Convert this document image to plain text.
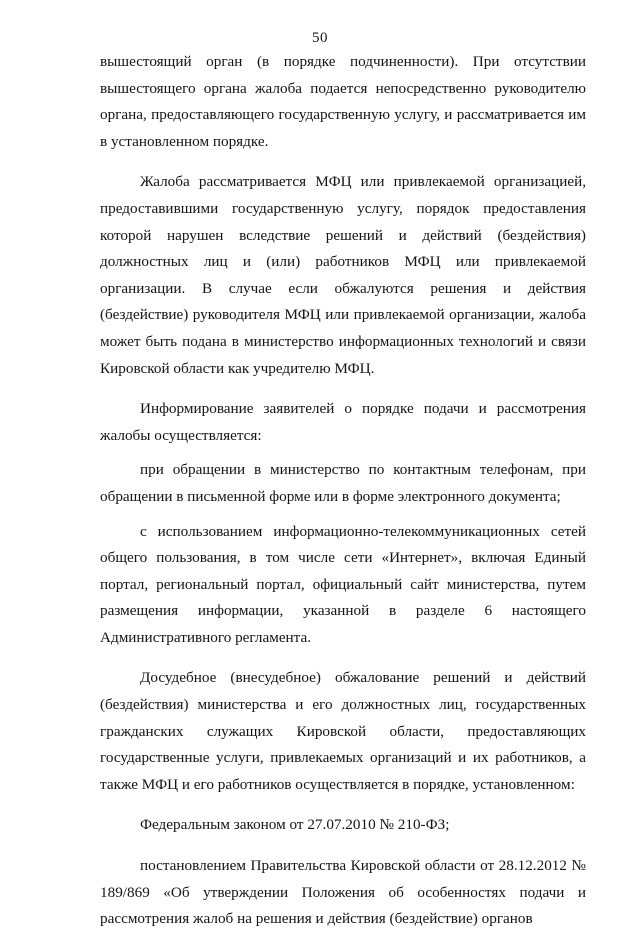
50

вышестоящий орган (в порядке подчиненности). При отсутствии вышестоящего органа жалоба подается непосредственно руководителю органа, предоставляющего государственную услугу, и рассматривается им в установленном порядке.

Жалоба рассматривается МФЦ или привлекаемой организацией, предоставившими государственную услугу, порядок предоставления которой нарушен вследствие решений и действий (бездействия) должностных лиц и (или) работников МФЦ или привлекаемой организации. В случае если обжалуются решения и действия (бездействие) руководителя МФЦ или привлекаемой организации, жалоба может быть подана в министерство информационных технологий и связи Кировской области как учредителю МФЦ.

Информирование заявителей о порядке подачи и рассмотрения жалобы осуществляется:

при обращении в министерство по контактным телефонам, при обращении в письменной форме или в форме электронного документа;

с использованием информационно-телекоммуникационных сетей общего пользования, в том числе сети «Интернет», включая Единый портал, региональный портал, официальный сайт министерства, путем размещения информации, указанной в разделе 6 настоящего Административного регламента.

Досудебное (внесудебное) обжалование решений и действий (бездействия) министерства и его должностных лиц, государственных гражданских служащих Кировской области, предоставляющих государственные услуги, привлекаемых организаций и их работников, а также МФЦ и его работников осуществляется в порядке, установленном:

Федеральным законом от 27.07.2010 № 210-ФЗ;

постановлением Правительства Кировской области от 28.12.2012 № 189/869 «Об утверждении Положения об особенностях подачи и рассмотрения жалоб на решения и действия (бездействие) органов
